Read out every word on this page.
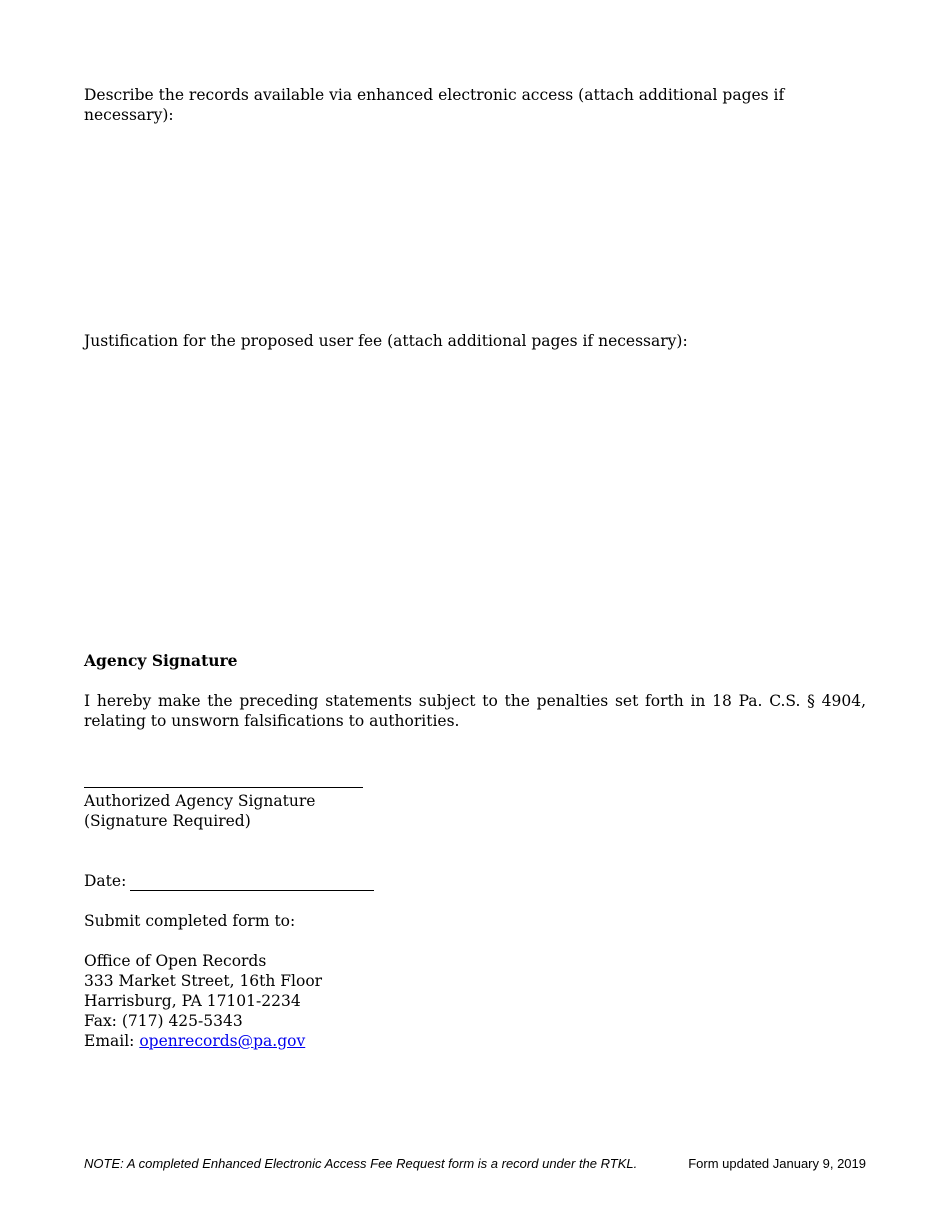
Describe the records available via enhanced electronic access (attach additional pages if necessary):
Justification for the proposed user fee (attach additional pages if necessary):
Agency Signature
I hereby make the preceding statements subject to the penalties set forth in 18 Pa. C.S. § 4904, relating to unsworn falsifications to authorities.
Authorized Agency Signature
(Signature Required)
Date:
Submit completed form to:
Office of Open Records
333 Market Street, 16th Floor
Harrisburg, PA 17101-2234
Fax: (717) 425-5343
Email: openrecords@pa.gov
NOTE: A completed Enhanced Electronic Access Fee Request form is a record under the RTKL.	Form updated January 9, 2019
